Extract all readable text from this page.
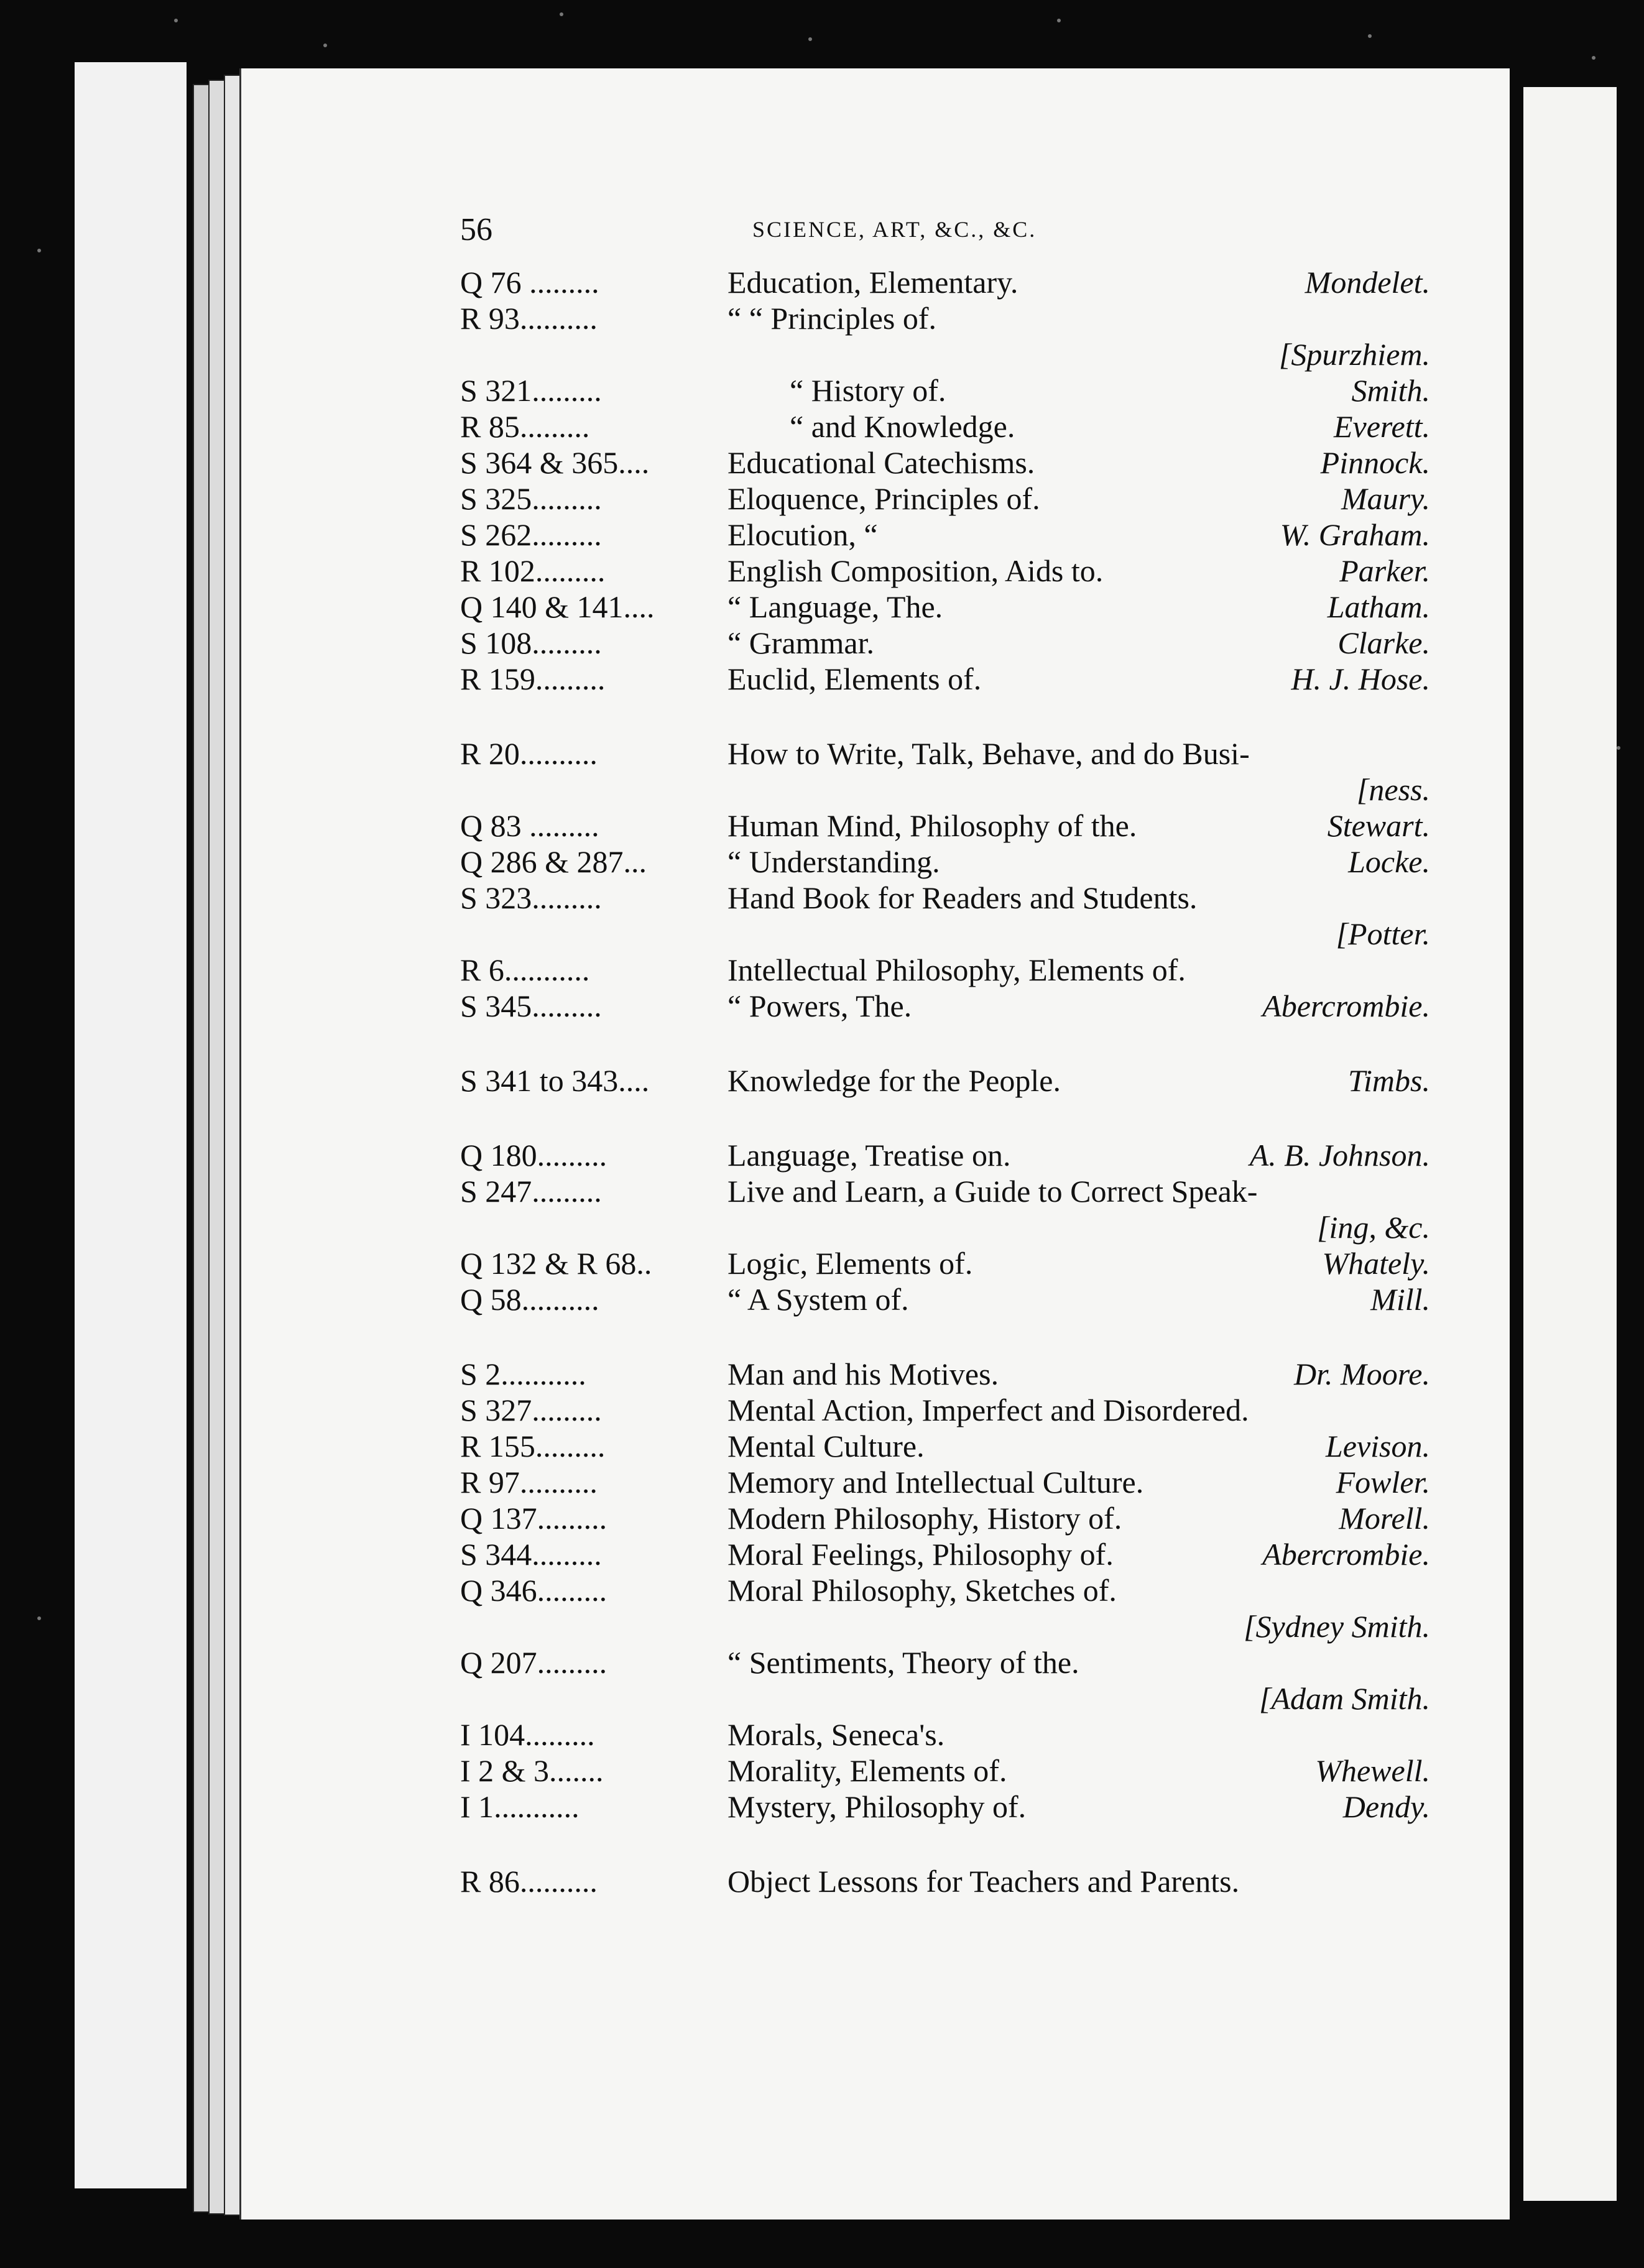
56	SCIENCE, ART, &C., &C.
Q 76 .........	Education, Elementary.	Mondelet.
R 93..........	“ “ Principles of.
[Spurzhiem.
S 321.........	“ History of.	Smith.
R 85.........	“ and Knowledge.	Everett.
S 364 & 365....	Educational Catechisms.	Pinnock.
S 325.........	Eloquence, Principles of.	Maury.
S 262.........	Elocution, “	W. Graham.
R 102.........	English Composition, Aids to.	Parker.
Q 140 & 141.... “ Language, The.	Latham.
S 108.........	“ Grammar.	Clarke.
R 159.........	Euclid, Elements of.	H. J. Hose.
R 20..........	How to Write, Talk, Behave, and do Busi-
[ness.
Q 83 .........	Human Mind, Philosophy of the.	Stewart.
Q 286 & 287...	“ Understanding.	Locke.
S 323.........	Hand Book for Readers and Students.
[Potter.
R 6...........	Intellectual Philosophy, Elements of.
S 345.........	“ Powers, The.	Abercrombie.
S 341 to 343....	Knowledge for the People.	Timbs.
Q 180.........	Language, Treatise on.	A. B. Johnson.
S 247.........	Live and Learn, a Guide to Correct Speak-
[ing, &c.
Q 132 & R 68.. Logic, Elements of.	Whately.
Q 58..........	“ A System of.	Mill.
S 2...........	Man and his Motives.	Dr. Moore.
S 327.........	Mental Action, Imperfect and Disordered.
R 155.........	Mental Culture.	Levison.
R 97..........	Memory and Intellectual Culture.	Fowler.
Q 137.........	Modern Philosophy, History of.	Morell.
S 344.........	Moral Feelings, Philosophy of.	Abercrombie.
Q 346.........	Moral Philosophy, Sketches of.
[Sydney Smith.
Q 207.........	“ Sentiments, Theory of the.
[Adam Smith.
I 104.........	Morals, Seneca's.
I 2 & 3.......	Morality, Elements of.	Whewell.
I 1...........	Mystery, Philosophy of.	Dendy.
R 86..........	Object Lessons for Teachers and Parents.
